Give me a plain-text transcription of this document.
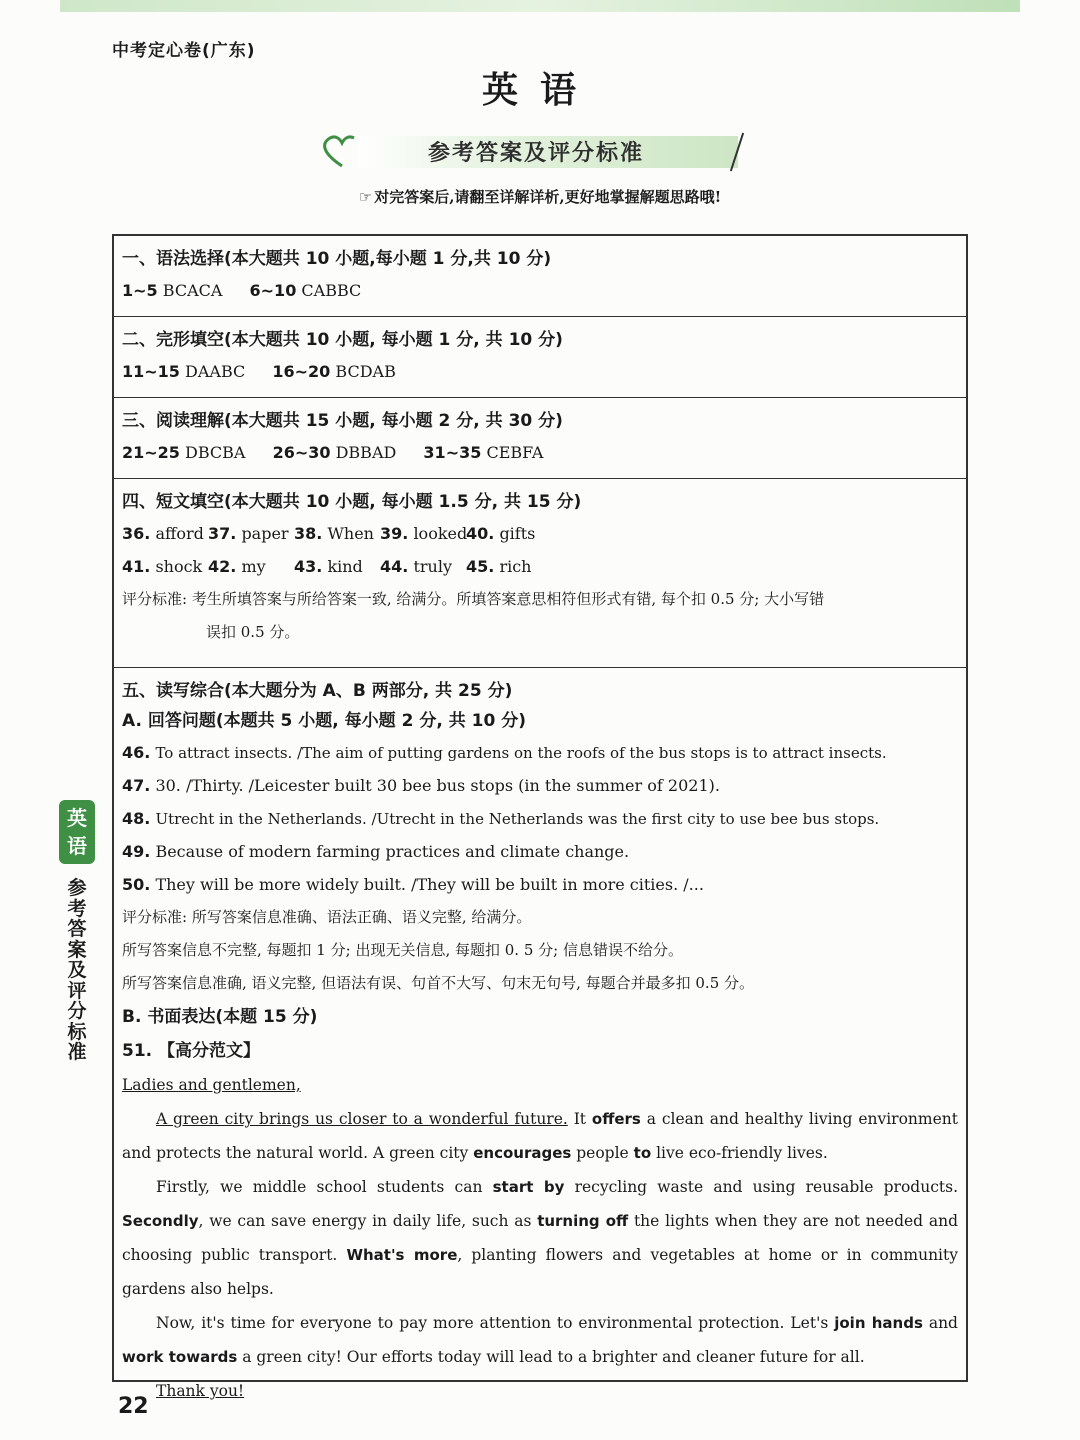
中考定心卷(广东)
英语
参考答案及评分标准
☞ 对完答案后,请翻至详解详析,更好地掌握解题思路哦!
英语
参考答案及评分标准
一、语法选择(本大题共 10 小题,每小题 1 分,共 10 分)
1~5 BCACA 6~10 CABBC
二、完形填空(本大题共 10 小题, 每小题 1 分, 共 10 分)
11~15 DAABC 16~20 BCDAB
三、阅读理解(本大题共 15 小题, 每小题 2 分, 共 30 分)
21~25 DBCBA 26~30 DBBAD 31~35 CEBFA
四、短文填空(本大题共 10 小题, 每小题 1.5 分, 共 15 分)
36. afford 37. paper 38. When 39. looked40. gifts
41. shock 42. my 43. kind 44. truly 45. rich
评分标准: 考生所填答案与所给答案一致, 给满分。所填答案意思相符但形式有错, 每个扣 0.5 分; 大小写错
误扣 0.5 分。
五、读写综合(本大题分为 A、B 两部分, 共 25 分)
A. 回答问题(本题共 5 小题, 每小题 2 分, 共 10 分)
46. To attract insects. /The aim of putting gardens on the roofs of the bus stops is to attract insects.
47. 30. /Thirty. /Leicester built 30 bee bus stops (in the summer of 2021).
48. Utrecht in the Netherlands. /Utrecht in the Netherlands was the first city to use bee bus stops.
49. Because of modern farming practices and climate change.
50. They will be more widely built. /They will be built in more cities. /...
评分标准: 所写答案信息准确、语法正确、语义完整, 给满分。
所写答案信息不完整, 每题扣 1 分; 出现无关信息, 每题扣 0. 5 分; 信息错误不给分。
所写答案信息准确, 语义完整, 但语法有误、句首不大写、句末无句号, 每题合并最多扣 0.5 分。
B. 书面表达(本题 15 分)
51. 【高分范文】

Ladies and gentlemen,

A green city brings us closer to a wonderful future. It offers a clean and healthy living environment and protects the natural world. A green city encourages people to live eco-friendly lives.

Firstly, we middle school students can start by recycling waste and using reusable products. Secondly, we can save energy in daily life, such as turning off the lights when they are not needed and choosing public transport. What's more, planting flowers and vegetables at home or in community gardens also helps.

Now, it's time for everyone to pay more attention to environmental protection. Let's join hands and work towards a green city! Our efforts today will lead to a brighter and cleaner future for all.

Thank you!

22
